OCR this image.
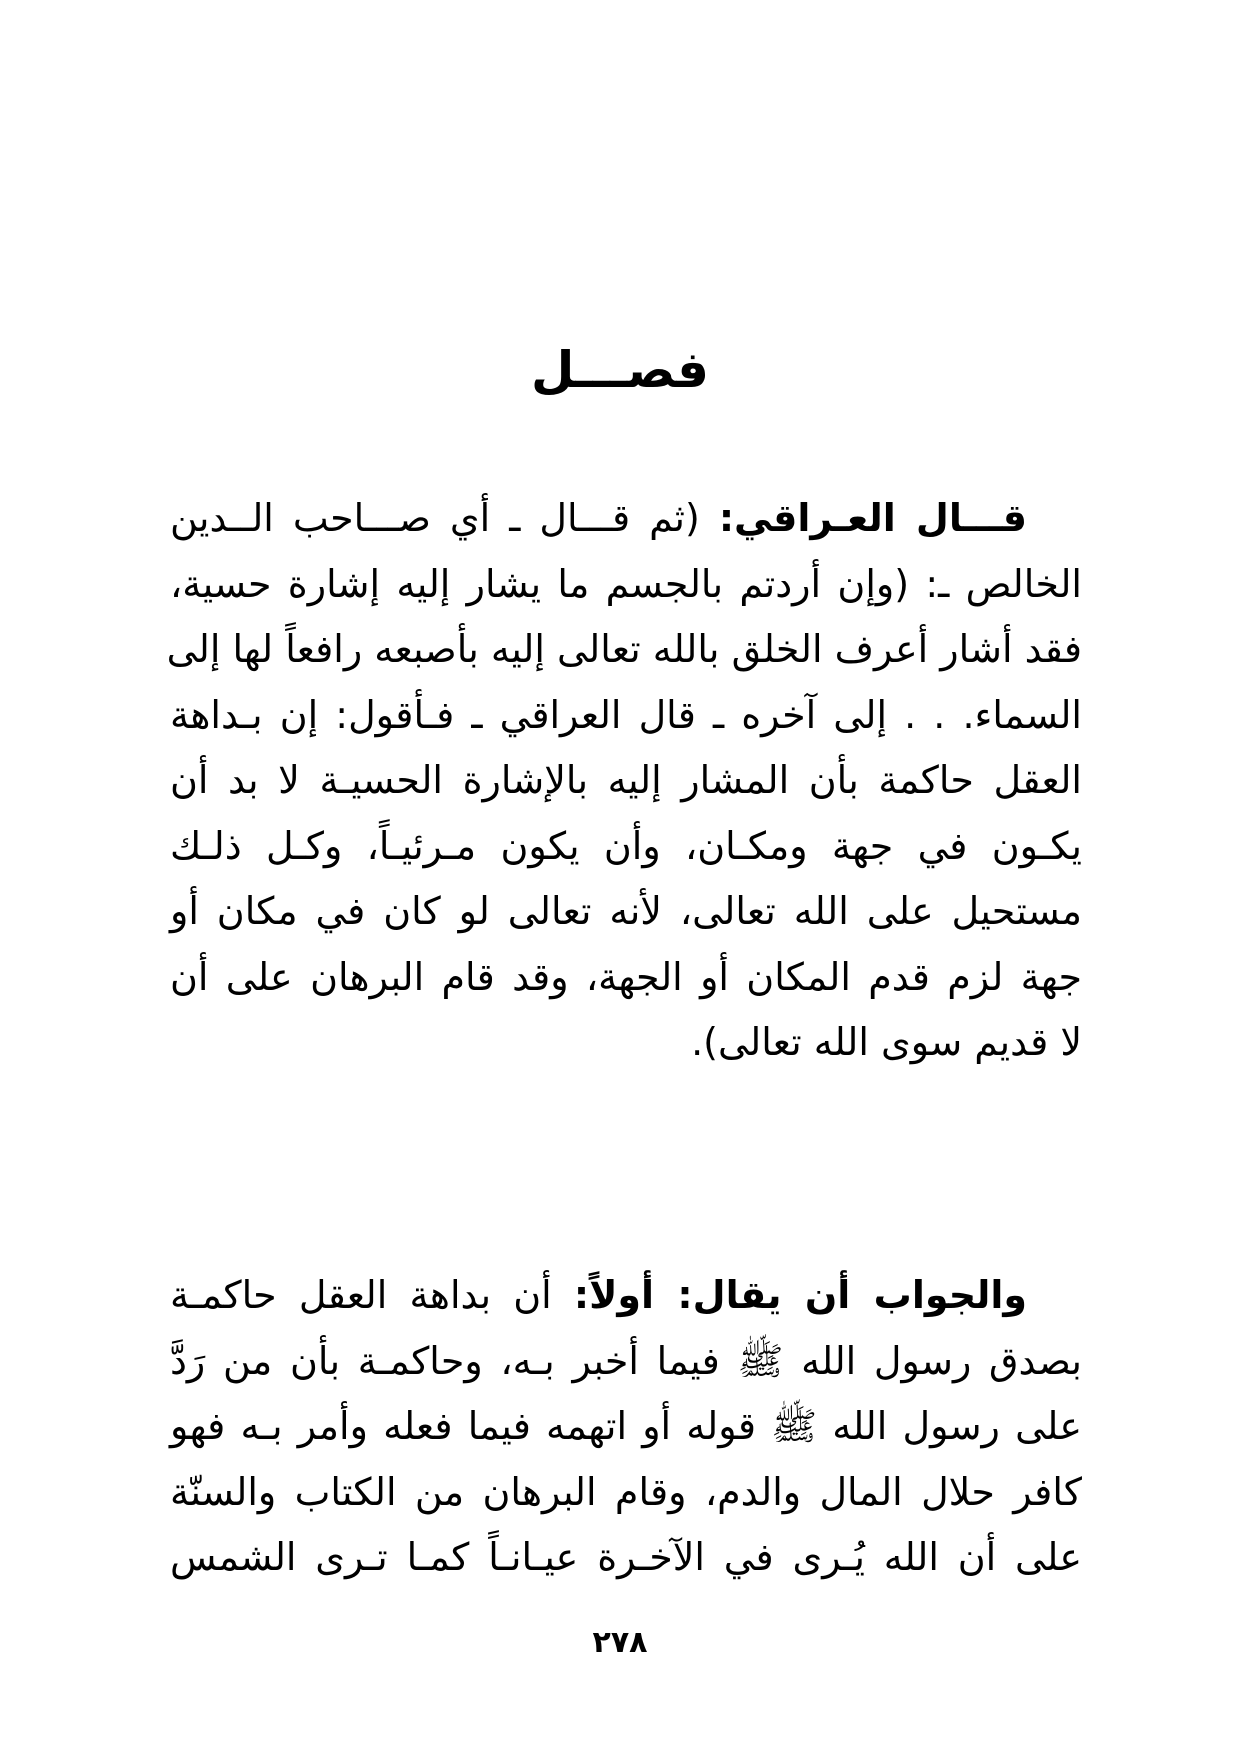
فصـــل
قـــال العـراقي: (ثم قـــال ـ أي صـــاحب الــدين
الخالص ـ: (وإن أردتم بالجسم ما يشار إليه إشارة حسية،
فقد أشار أعرف الخلق بالله تعالى إليه بأصبعه رافعاً لها إلى
السماء. . . إلى آخره ـ قال العراقي ـ فـأقول: إن بـداهة
العقل حاكمة بأن المشار إليه بالإشارة الحسيـة لا بد أن
يكـون في جهة ومكـان، وأن يكون مـرئيـاً، وكـل ذلـك
مستحيل على الله تعالى، لأنه تعالى لو كان في مكان أو
جهة لزم قدم المكان أو الجهة، وقد قام البرهان على أن
لا قديم سوى الله تعالى).
والجواب أن يقال: أولاً: أن بداهة العقل حاكمـة
بصدق رسول الله ﷺ فيما أخبر بـه، وحاكمـة بأن من رَدَّ
على رسول الله ﷺ قوله أو اتهمه فيما فعله وأمر بـه فهو
كافر حلال المال والدم، وقام البرهان من الكتاب والسنّة
على أن الله يُـرى في الآخـرة عيـانـاً كمـا تـرى الشمس
٢٧٨
